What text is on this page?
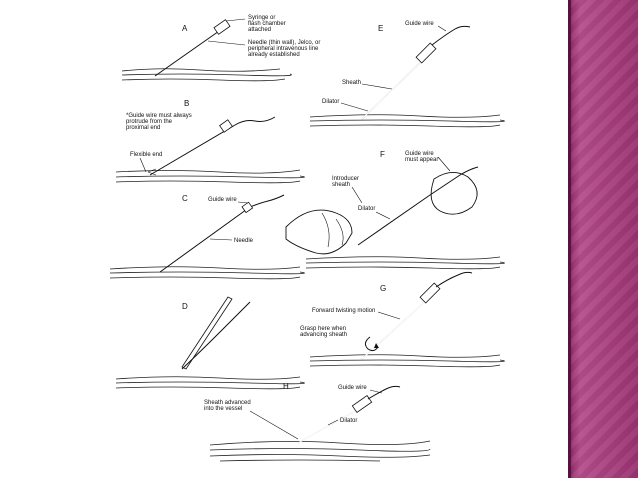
A
Syringe or flash chamber attached
Needle (thin wall), Jelco, or peripheral intravenous line already established
B
*Guide wire must always protrude from the proximal end
Flexible end
C	Guide wire
Needle
D
E	Guide wire
Sheath
Dilator
F	Guide wire must appear
Introducer sheath
Dilator
G
Forward twisting motion
Grasp here when advancing sheath
H	Guide wire
Sheath advanced into the vessel
Dilator
